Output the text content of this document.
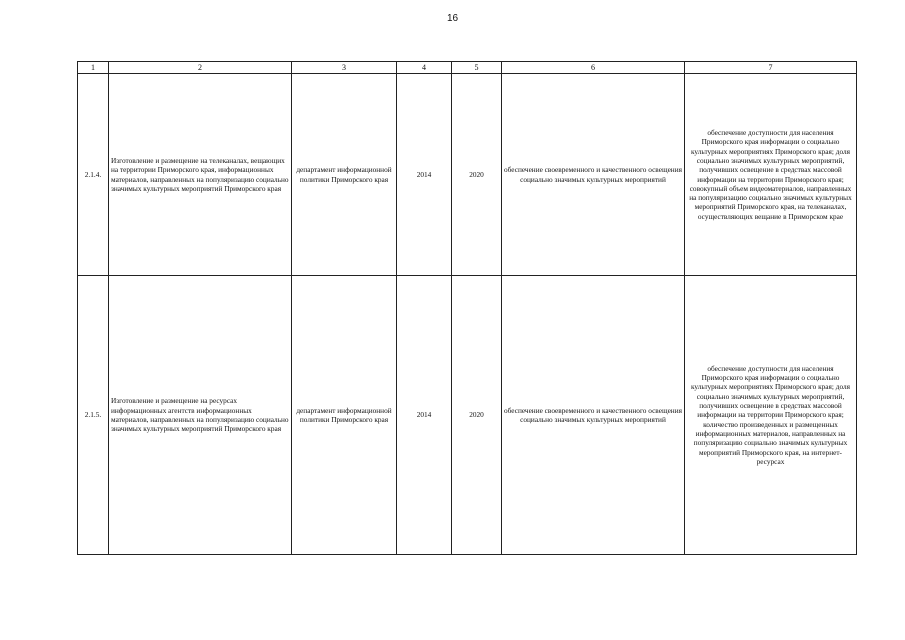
16
1	2	3	4	5	6	7
2.1.4.	Изготовление и размещение на телеканалах, вещающих на территории Приморского края, информационных материалов, направленных на популяризацию социально значимых культурных мероприятий Приморского края	департамент информационной политики Приморского края	2014	2020	обеспечение своевременного и качественного освещения социально значимых культурных мероприятий	обеспечение доступности для населения Приморского края информации о социально культурных мероприятиях Приморского края; доля социально значимых культурных мероприятий, получивших освещение в средствах массовой информации на территории Приморского края; совокупный объем видеоматериалов, направленных на популяризацию социально значимых культурных мероприятий Приморского края, на телеканалах, осуществляющих вещание в Приморском крае
2.1.5.	Изготовление и размещение на ресурсах информационных агентств информационных материалов, направленных на популяризацию социально значимых культурных мероприятий Приморского края	департамент информационной политики Приморского края	2014	2020	обеспечение своевременного и качественного освещения социально значимых культурных мероприятий	обеспечение доступности для населения Приморского края информации о социально культурных мероприятиях Приморского края; доля социально значимых культурных мероприятий, получивших освещение в средствах массовой информации на территории Приморского края; количество произведенных и размещенных информационных материалов, направленных на популяризацию социально значимых культурных мероприятий Приморского края, на интернет-ресурсах
